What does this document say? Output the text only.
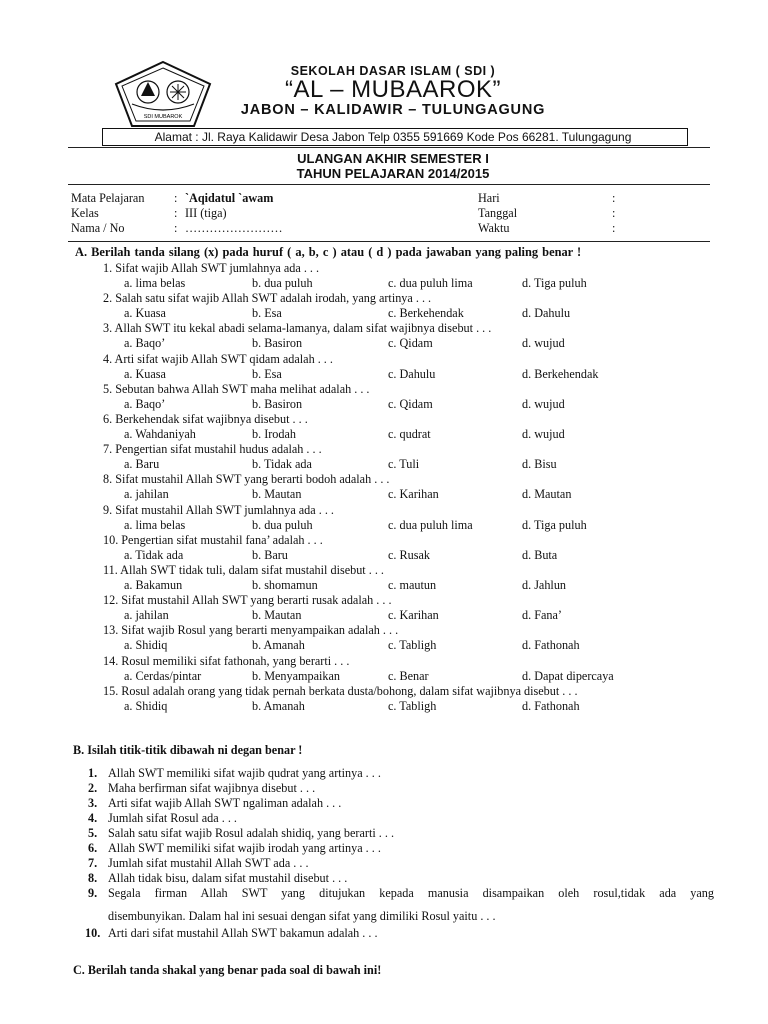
SDI MUBAROK
SEKOLAH DASAR ISLAM ( SDI )
“AL – MUBAAROK”
JABON – KALIDAWIR – TULUNGAGUNG
Alamat : Jl. Raya Kalidawir Desa Jabon Telp 0355 591669 Kode Pos 66281. Tulungagung
ULANGAN AKHIR SEMESTER I
TAHUN PELAJARAN 2014/2015
Mata Pelajaran : `Aqidatul `awam
Kelas	: III (tiga)
Nama / No	: ……………………
Hari	:
Tanggal	:
Waktu	:
A. Berilah tanda silang (x) pada huruf ( a, b, c ) atau ( d ) pada jawaban yang paling benar !
1. Sifat wajib Allah SWT jumlahnya ada . . .
a. lima belas	b. dua puluh	c. dua puluh lima	d. Tiga puluh
2. Salah satu sifat wajib Allah SWT adalah irodah, yang artinya . . .
a. Kuasa	b. Esa	c. Berkehendak	d. Dahulu
3. Allah SWT itu kekal abadi selama-lamanya, dalam sifat wajibnya disebut . . .
a. Baqo’	b. Basiron	c. Qidam	d. wujud
4. Arti sifat wajib Allah SWT qidam adalah . . .
a. Kuasa	b. Esa	c. Dahulu	d. Berkehendak
5. Sebutan bahwa Allah SWT maha melihat adalah . . .
a. Baqo’	b. Basiron	c. Qidam	d. wujud
6. Berkehendak sifat wajibnya disebut . . .
a. Wahdaniyah	b. Irodah	c. qudrat	d. wujud
7. Pengertian sifat mustahil hudus adalah . . .
a. Baru	b. Tidak ada	c. Tuli	d. Bisu
8. Sifat mustahil Allah SWT yang berarti bodoh adalah . . .
a. jahilan	b. Mautan	c. Karihan	d. Mautan
9. Sifat mustahil Allah SWT jumlahnya ada . . .
a. lima belas	b. dua puluh	c. dua puluh lima	d. Tiga puluh
10. Pengertian sifat mustahil fana’ adalah . . .
a. Tidak ada	b. Baru	c. Rusak	d. Buta
11. Allah SWT tidak tuli, dalam sifat mustahil disebut . . .
a. Bakamun	b. shomamun	c. mautun	d. Jahlun
12. Sifat mustahil Allah SWT yang berarti rusak adalah . . .
a. jahilan	b. Mautan	c. Karihan	d. Fana’
13. Sifat wajib Rosul yang berarti menyampaikan adalah . . .
a. Shidiq	b. Amanah	c. Tabligh	d. Fathonah
14. Rosul memiliki sifat fathonah, yang berarti . . .
a. Cerdas/pintar	b. Menyampaikan	c. Benar	d. Dapat dipercaya
15. Rosul adalah orang yang tidak pernah berkata dusta/bohong, dalam sifat wajibnya disebut . . .
a. Shidiq	b. Amanah	c. Tabligh	d. Fathonah
B. Isilah titik-titik dibawah ni degan benar !
1. Allah SWT memiliki sifat wajib qudrat yang artinya . . .
2. Maha berfirman sifat wajibnya disebut . . .
3. Arti sifat wajib Allah SWT ngaliman adalah . . .
4. Jumlah sifat Rosul ada . . .
5. Salah satu sifat wajib Rosul adalah shidiq, yang berarti . . .
6. Allah SWT memiliki sifat wajib irodah yang artinya . . .
7. Jumlah sifat mustahil Allah SWT ada . . .
8. Allah tidak bisu, dalam sifat mustahil disebut . . .
9. Segala firman Allah SWT yang ditujukan kepada manusia disampaikan oleh rosul,tidak ada yang
disembunyikan. Dalam hal ini sesuai dengan sifat yang dimiliki Rosul yaitu . . .
10. Arti dari sifat mustahil Allah SWT bakamun adalah . . .
C. Berilah tanda shakal yang benar pada soal di bawah ini!
